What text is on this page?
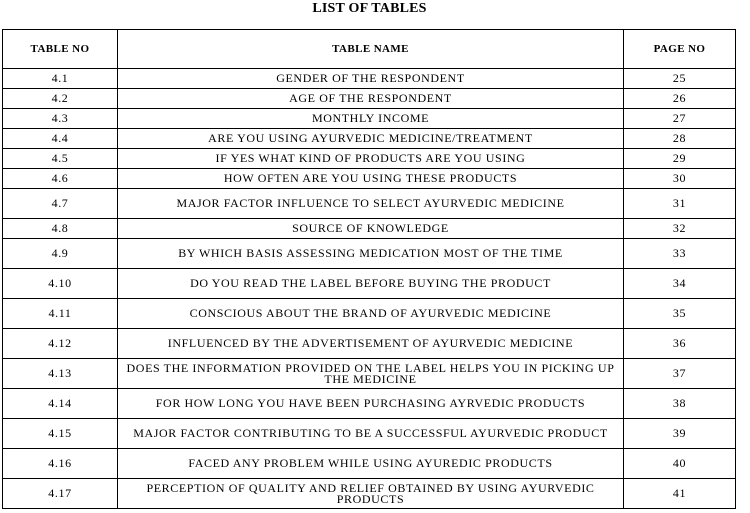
LIST OF TABLES
TABLE NO	TABLE NAME	PAGE NO
4.1	GENDER OF THE RESPONDENT	25
4.2	AGE OF THE RESPONDENT	26
4.3	MONTHLY INCOME	27
4.4	ARE YOU USING AYURVEDIC MEDICINE/TREATMENT	28
4.5	IF YES WHAT KIND OF PRODUCTS ARE YOU USING	29
4.6	HOW OFTEN ARE YOU USING THESE PRODUCTS	30
4.7	MAJOR FACTOR INFLUENCE TO SELECT AYURVEDIC MEDICINE	31
4.8	SOURCE OF KNOWLEDGE	32
4.9	BY WHICH BASIS ASSESSING MEDICATION MOST OF THE TIME	33
4.10	DO YOU READ THE LABEL BEFORE BUYING THE PRODUCT	34
4.11	CONSCIOUS ABOUT THE BRAND OF AYURVEDIC MEDICINE	35
4.12	INFLUENCED BY THE ADVERTISEMENT OF AYURVEDIC MEDICINE	36
4.13	DOES THE INFORMATION PROVIDED ON THE LABEL HELPS YOU IN PICKING UP THE MEDICINE	37
4.14	FOR HOW LONG YOU HAVE BEEN PURCHASING AYRVEDIC PRODUCTS	38
4.15	MAJOR FACTOR CONTRIBUTING TO BE A SUCCESSFUL AYURVEDIC PRODUCT	39
4.16	FACED ANY PROBLEM WHILE USING AYUREDIC PRODUCTS	40
4.17	PERCEPTION OF QUALITY AND RELIEF OBTAINED BY USING AYURVEDIC PRODUCTS	41
